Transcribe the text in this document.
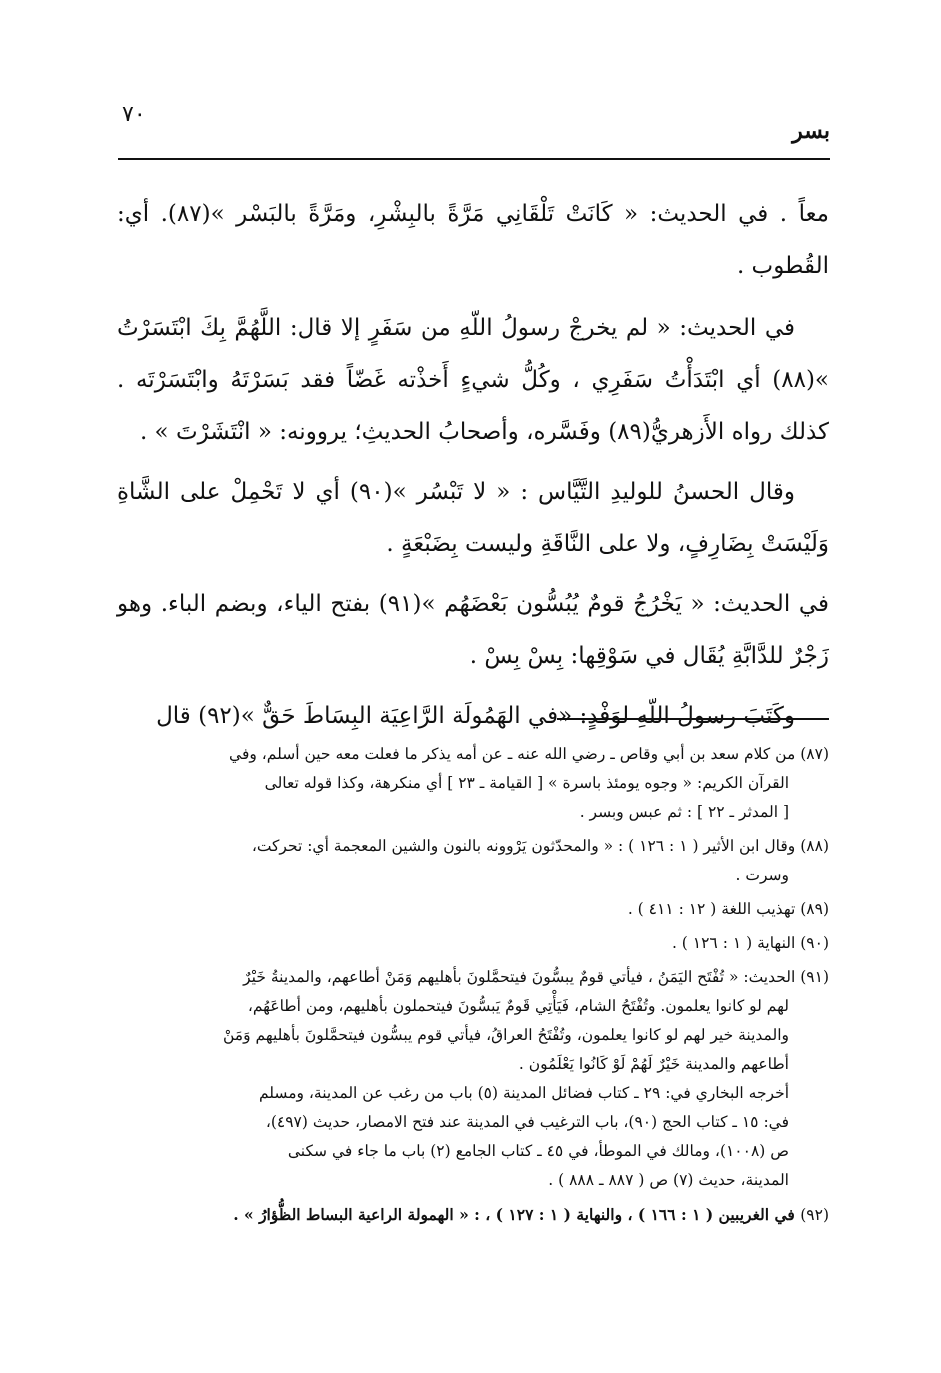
٧٠
بسر

معاً . في الحديث: « كَانَتْ تَلْقَانِي مَرَّةً بالبِشْرِ، ومَرَّةً بالبَسْر »(٨٧). أي: القُطوب .

في الحديث: « لم يخرجْ رسولُ اللّهِ من سَفَرٍ إلا قال: اللَّهُمَّ بِكَ ابْتَسَرْتُ »(٨٨) أي ابْتَدَأْتُ سَفَرِي ، وكُلُّ شيءٍ أَخذْته غَضّاً فقد بَسَرْتَهُ وابْتَسَرْتَه . كذلك رواه الأَزهريُّ(٨٩) وفَسَّره، وأصحابُ الحديثِ؛ يروونه: « انْتَشَرْتَ » .

وقال الحسنُ للوليدِ التَّيَّاس : « لا تَبْسُر »(٩٠) أي لا تَحْمِلْ على الشَّاةِ وَلَيْسَتْ بِضَارِفٍ، ولا على النَّاقَةِ وليست بِضَبْعَةٍ .

في الحديث: « يَخْرُجُ قومٌ يُبُسُّون بَعْضَهُم »(٩١) بفتح الياء، وبضم الباء. وهو زَجْرٌ للدَّابَّةِ يُقَال في سَوْقِها: بِسْ بِسْ .

وكَتَبَ رسولُ اللّهِ لوَفْدٍ: «في الهَمُولَة الرَّاعِيَة البِسَاطَ حَقٌّ »(٩٢) قال

(٨٧) من كلام سعد بن أبي وقاص ـ رضي الله عنه ـ عن أمه يذكر ما فعلت معه حين أسلم، وفي
القرآن الكريم: « وجوه يومئذ باسرة » [ القيامة ـ ٢٣ ] أي منكرهة، وكذا قوله تعالى
[ المدثر ـ ٢٢ ] : ثم عبس وبسر .
(٨٨) وقال ابن الأثير ( ١ : ١٢٦ ) : « والمحدّثون يَرْوونه بالنون والشين المعجمة أي: تحركت،
وسرت .
(٨٩) تهذيب اللغة ( ١٢ : ٤١١ ) .
(٩٠) النهاية ( ١ : ١٢٦ ) .
(٩١) الحديث: « تُفْتَح اليَمَنُ ، فيأتي قومٌ يبسُّونَ فيتحمَّلونَ بأهليهم وَمَنْ أطاعهم، والمدينةُ خَيْرٌ
لهم لو كانوا يعلمون. وتُفْتَحُ الشام، فَيَأْتِي قَومٌ يَبسُّونَ فيتحملون بأهليهم، ومن أطاعَهُم،
والمدينة خير لهم لو كانوا يعلمون، وتُفْتَحُ العراقُ، فيأتي قوم يبسُّون فيتحمَّلونَ بأهليهم وَمَنْ
أطاعهم والمدينة خَيْرٌ لَهُمْ لَوْ كَانُوا يَعْلَمُون .
أخرجه البخاري في: ٢٩ ـ كتاب فضائل المدينة (٥) باب من رغب عن المدينة، ومسلم
في: ١٥ ـ كتاب الحج (٩٠)، باب الترغيب في المدينة عند فتح الامصار، حديث (٤٩٧)،
ص (١٠٠٨)، ومالك في الموطأ، في ٤٥ ـ كتاب الجامع (٢) باب ما جاء في سكنى
المدينة، حديث (٧) ص ( ٨٨٧ ـ ٨٨٨ ) .
(٩٢) في الغريبين ( ١ : ١٦٦ ) ، والنهاية ( ١ : ١٢٧ ) ، : « الهمولة الراعية البساط الظُّؤارُ » .
